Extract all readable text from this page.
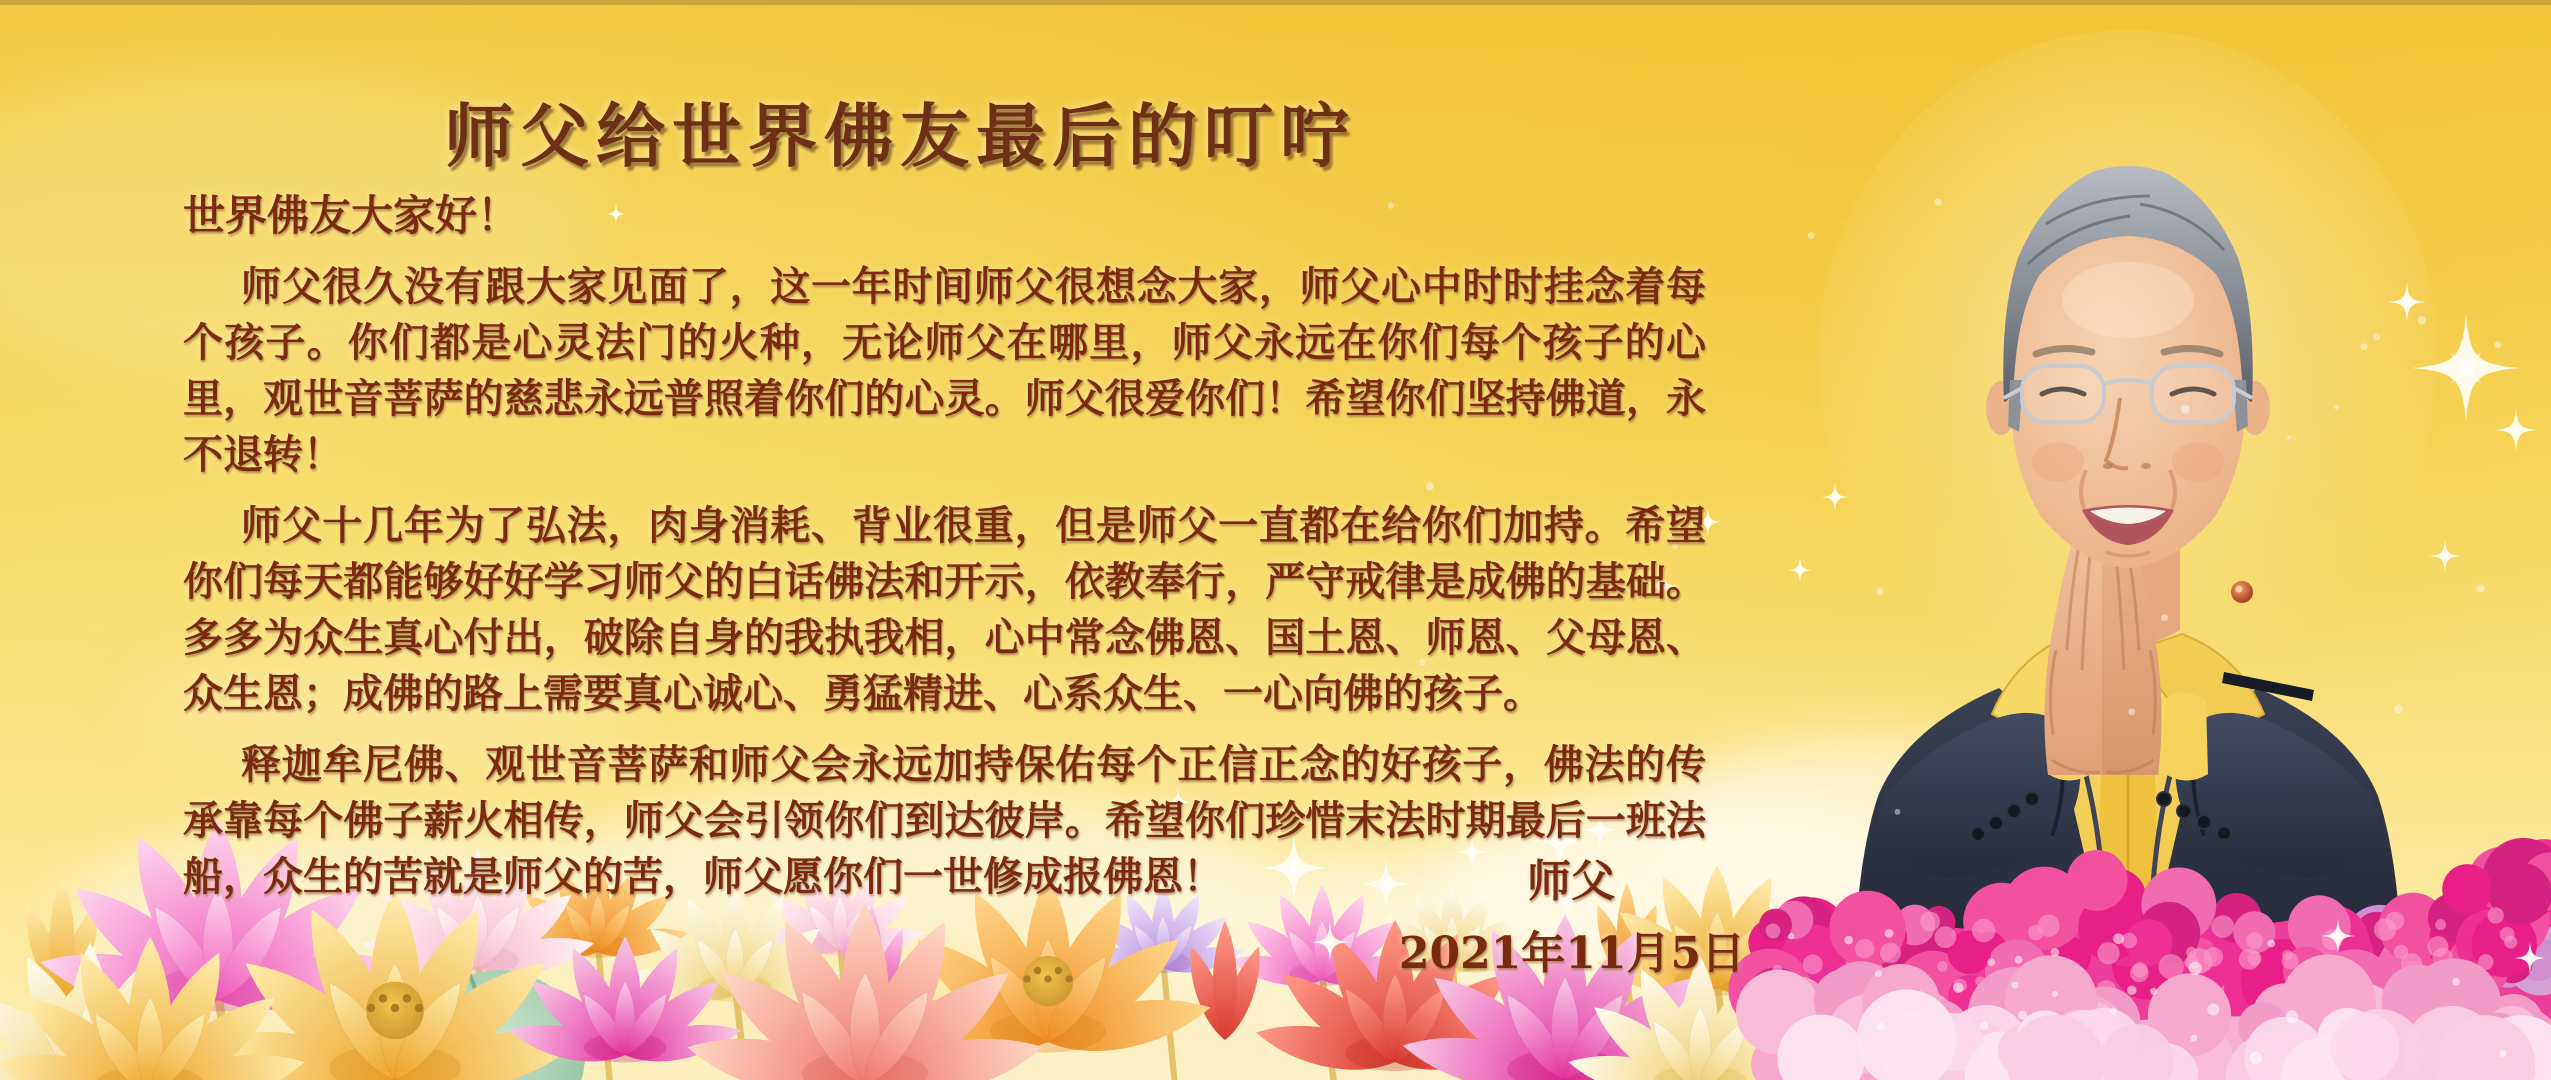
师父给世界佛友最后的叮咛
世界佛友大家好！

师父很久没有跟大家见面了，这一年时间师父很想念大家，师父心中时时挂念着每个孩子。你们都是心灵法门的火种，无论师父在哪里，师父永远在你们每个孩子的心里，观世音菩萨的慈悲永远普照着你们的心灵。师父很爱你们！希望你们坚持佛道，永不退转！

师父十几年为了弘法，肉身消耗、背业很重，但是师父一直都在给你们加持。希望你们每天都能够好好学习师父的白话佛法和开示，依教奉行，严守戒律是成佛的基础。多多为众生真心付出，破除自身的我执我相，心中常念佛恩、国土恩、师恩、父母恩、众生恩；成佛的路上需要真心诚心、勇猛精进、心系众生、一心向佛的孩子。

释迦牟尼佛、观世音菩萨和师父会永远加持保佑每个正信正念的好孩子，佛法的传承靠每个佛子薪火相传，师父会引领你们到达彼岸。希望你们珍惜末法时期最后一班法船，众生的苦就是师父的苦，师父愿你们一世修成报佛恩！	师父
2021年11月5日
